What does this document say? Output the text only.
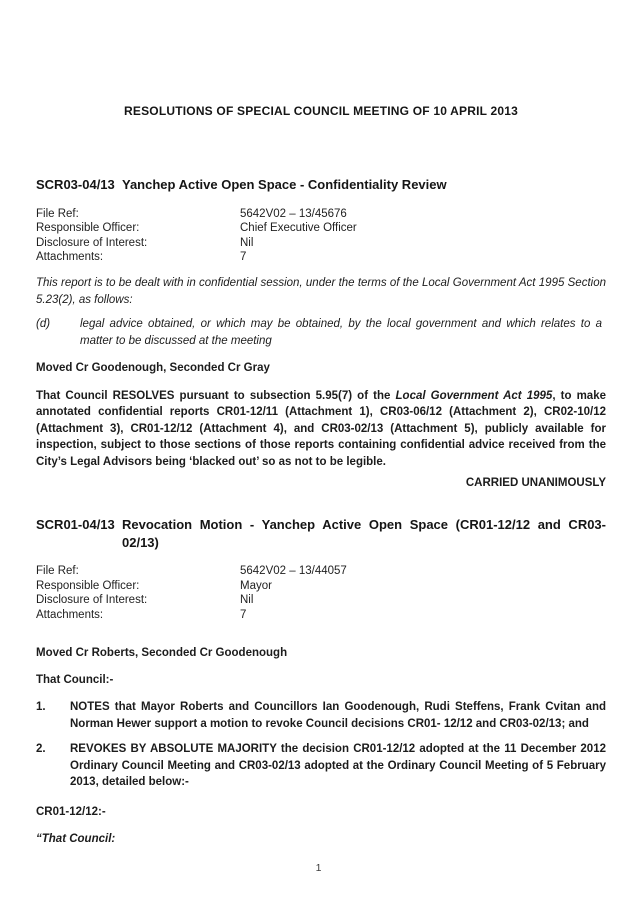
RESOLUTIONS OF SPECIAL COUNCIL MEETING OF 10 APRIL 2013
SCR03-04/13 Yanchep Active Open Space - Confidentiality Review
File Ref:	5642V02 – 13/45676
Responsible Officer:	Chief Executive Officer
Disclosure of Interest:	Nil
Attachments:	7
This report is to be dealt with in confidential session, under the terms of the Local Government Act 1995 Section 5.23(2), as follows:
(d)	legal advice obtained, or which may be obtained, by the local government and which relates to a matter to be discussed at the meeting
Moved Cr Goodenough, Seconded Cr Gray
That Council RESOLVES pursuant to subsection 5.95(7) of the Local Government Act 1995, to make annotated confidential reports CR01-12/11 (Attachment 1), CR03-06/12 (Attachment 2), CR02-10/12 (Attachment 3), CR01-12/12 (Attachment 4), and CR03-02/13 (Attachment 5), publicly available for inspection, subject to those sections of those reports containing confidential advice received from the City’s Legal Advisors being ‘blacked out’ so as not to be legible.
CARRIED UNANIMOUSLY
SCR01-04/13 Revocation Motion - Yanchep Active Open Space (CR01-12/12 and CR03-02/13)
File Ref:	5642V02 – 13/44057
Responsible Officer:	Mayor
Disclosure of Interest:	Nil
Attachments:	7
Moved Cr Roberts, Seconded Cr Goodenough
That Council:-
1.	NOTES that Mayor Roberts and Councillors Ian Goodenough, Rudi Steffens, Frank Cvitan and Norman Hewer support a motion to revoke Council decisions CR01- 12/12 and CR03-02/13; and
2.	REVOKES BY ABSOLUTE MAJORITY the decision CR01-12/12 adopted at the 11 December 2012 Ordinary Council Meeting and CR03-02/13 adopted at the Ordinary Council Meeting of 5 February 2013, detailed below:-
CR01-12/12:-
“That Council:
1
